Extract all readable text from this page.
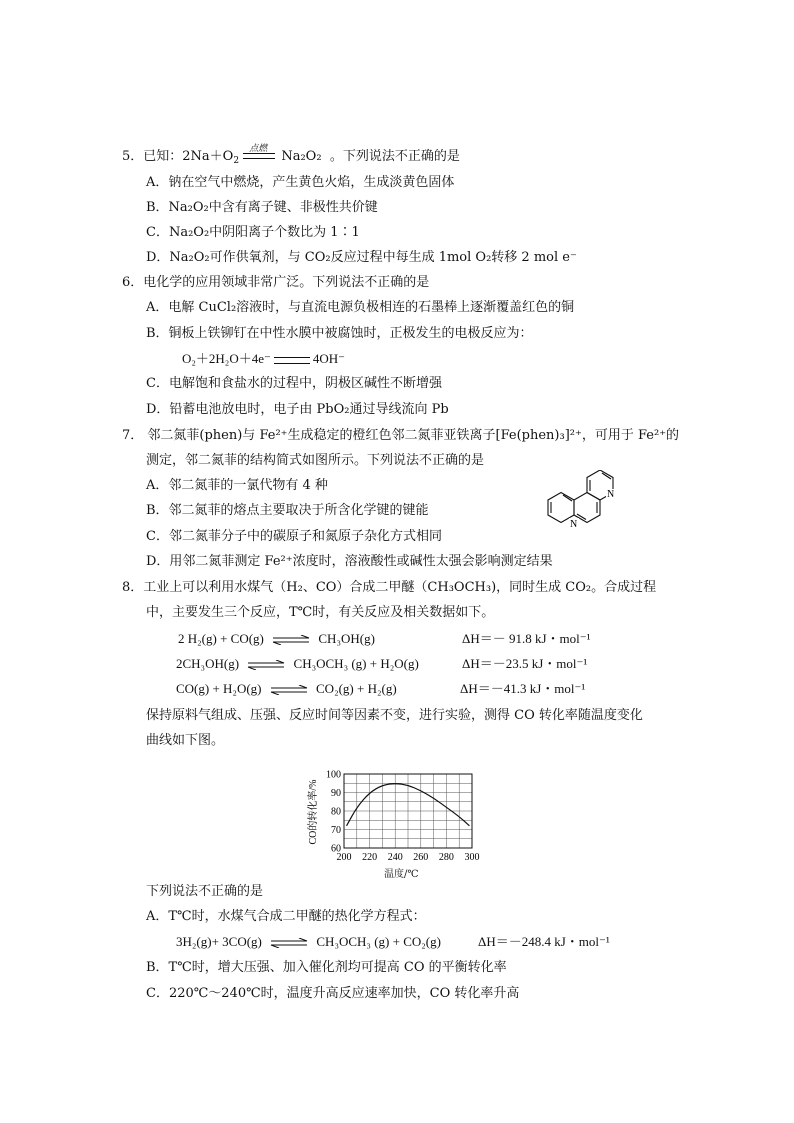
5．已知：$2Na+O_2$
点燃 Na₂O₂ 。下列说法不正确的是
A．钠在空气中燃烧，产生黄色火焰，生成淡黄色固体
B．Na₂O₂中含有离子键、非极性共价键
C．Na₂O₂中阴阳离子个数比为 1∶1
D．Na₂O₂可作供氧剂，与 CO₂反应过程中每生成 1mol O₂转移 2 mol e⁻
6．电化学的应用领域非常广泛。下列说法不正确的是
A．电解 CuCl₂溶液时，与直流电源负极相连的石墨棒上逐渐覆盖红色的铜
B．铜板上铁铆钉在中性水膜中被腐蚀时，正极发生的电极反应为：
O₂＋2H₂O＋4e⁻	4OH⁻
C．电解饱和食盐水的过程中，阴极区碱性不断增强
D．铅蓄电池放电时，电子由 PbO₂通过导线流向 Pb
7． 邻二氮菲(phen)与 Fe²⁺生成稳定的橙红色邻二氮菲亚铁离子[Fe(phen)₃]²⁺，可用于 Fe²⁺的
测定，邻二氮菲的结构简式如图所示。下列说法不正确的是
A．邻二氮菲的一氯代物有 4 种
B．邻二氮菲的熔点主要取决于所含化学键的键能
C．邻二氮菲分子中的碳原子和氮原子杂化方式相同
D．用邻二氮菲测定 Fe²⁺浓度时，溶液酸性或碱性太强会影响测定结果
N
N
8．工业上可以利用水煤气（H₂、CO）合成二甲醚（CH₃OCH₃)，同时生成 CO₂。合成过程
中，主要发生三个反应，T℃时，有关反应及相关数据如下。
2 H₂(g) + CO(g) ⇌ CH₃OH(g)	ΔH＝－ 91.8 kJ・mol⁻¹
2CH₃OH(g) ⇌ CH₃OCH₃ (g) + H₂O(g)	ΔH＝－23.5 kJ・mol⁻¹
CO(g) + H₂O(g) ⇌ CO₂(g) + H₂(g)	ΔH＝－41.3 kJ・mol⁻¹
保持原料气组成、压强、反应时间等因素不变，进行实验，测得 CO 转化率随温度变化
曲线如下图。
200 220 240 260 280 300
60
70
80
90
100
CO的转化率/%
温度/℃
下列说法不正确的是
A．T℃时，水煤气合成二甲醚的热化学方程式：
3H₂(g)+ 3CO(g) ⇌ CH₃OCH₃ (g) + CO₂(g)	ΔH＝－248.4 kJ・mol⁻¹
B．T℃时，增大压强、加入催化剂均可提高 CO 的平衡转化率
C．220℃～240℃时，温度升高反应速率加快，CO 转化率升高
